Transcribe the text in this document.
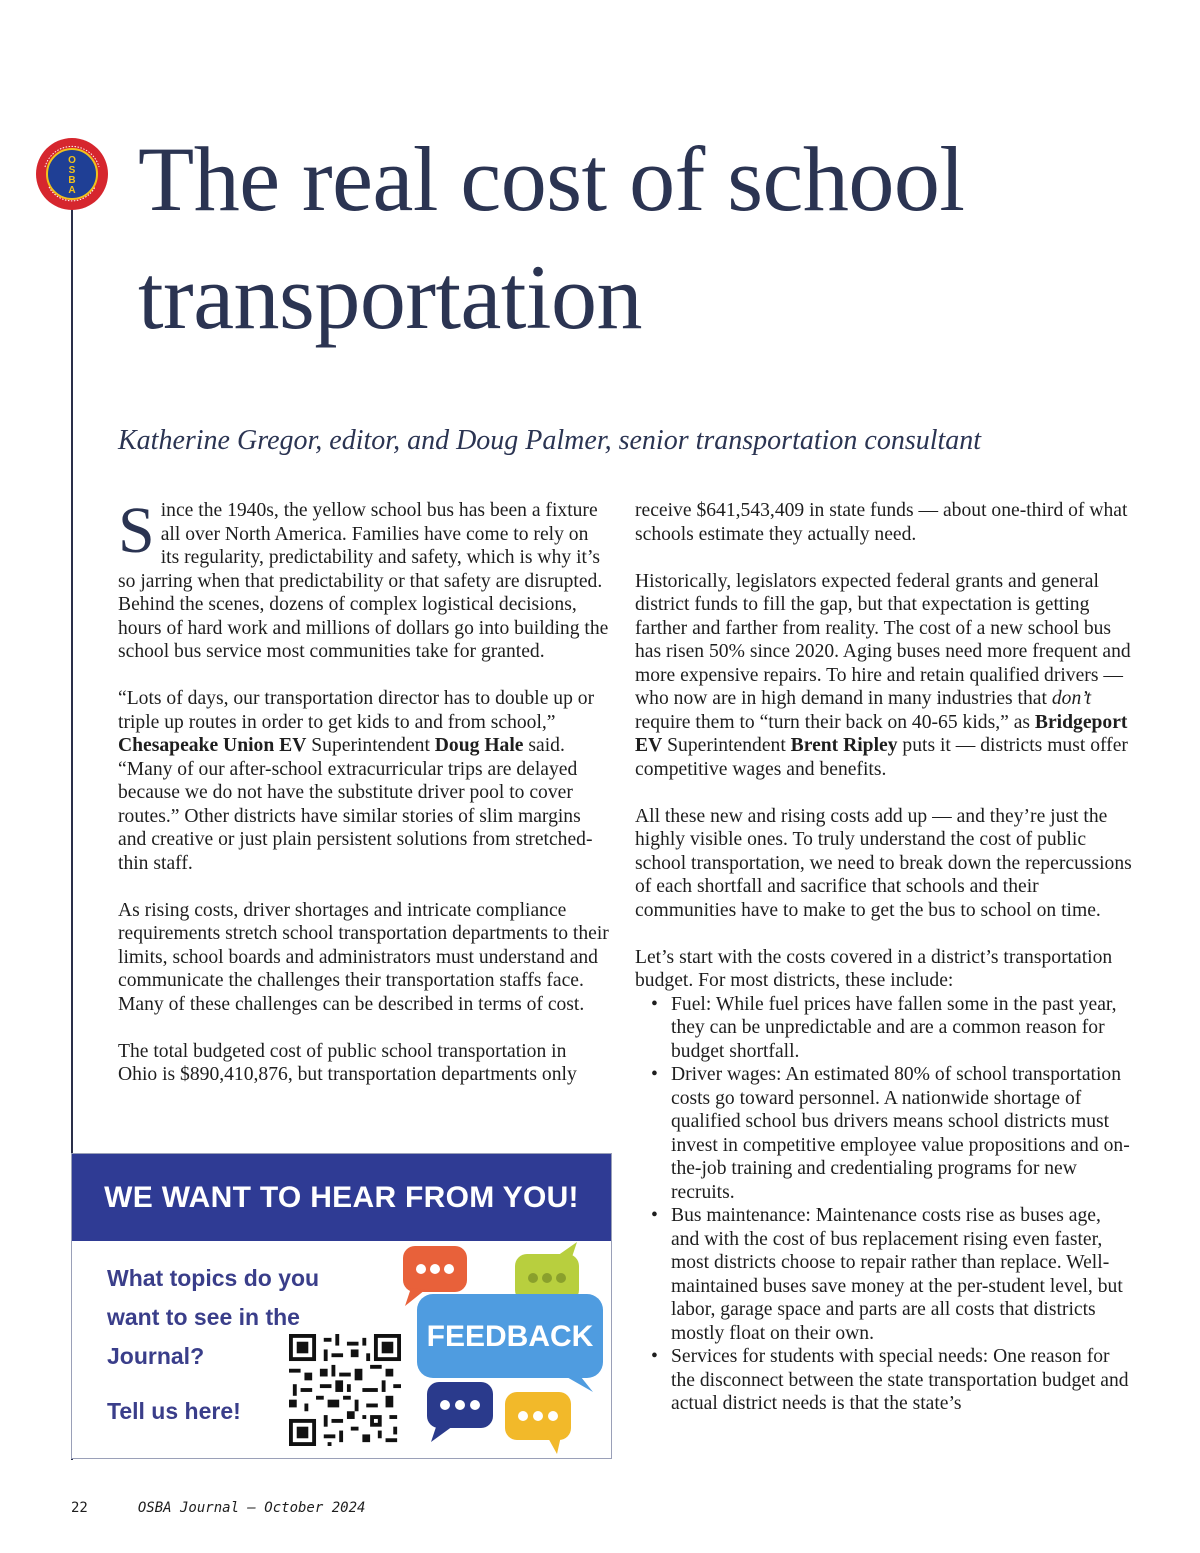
O
S
B
A The real cost of school transportation

Katherine Gregor, editor, and Doug Palmer, senior transportation consultant

Since the 1940s, the yellow school bus has been a fixture all over North America. Families have come to rely on its regularity, predictability and safety, which is why it’s so jarring when that predictability or that safety are disrupted. Behind the scenes, dozens of complex logistical decisions, hours of hard work and millions of dollars go into building the school bus service most communities take for granted.

“Lots of days, our transportation director has to double up or triple up routes in order to get kids to and from school,” Chesapeake Union EV Superintendent Doug Hale said. “Many of our after-school extracurricular trips are delayed because we do not have the substitute driver pool to cover routes.” Other districts have similar stories of slim margins and creative or just plain persistent solutions from stretched-thin staff.

As rising costs, driver shortages and intricate compliance requirements stretch school transportation departments to their limits, school boards and administrators must understand and communicate the challenges their transportation staffs face. Many of these challenges can be described in terms of cost.

The total budgeted cost of public school transportation in Ohio is $890,410,876, but transportation departments only

receive $641,543,409 in state funds — about one-third of what schools estimate they actually need.

Historically, legislators expected federal grants and general district funds to fill the gap, but that expectation is getting farther and farther from reality. The cost of a new school bus has risen 50% since 2020. Aging buses need more frequent and more expensive repairs. To hire and retain qualified drivers — who now are in high demand in many industries that don’t require them to “turn their back on 40-65 kids,” as Bridgeport EV Superintendent Brent Ripley puts it — districts must offer competitive wages and benefits.

All these new and rising costs add up — and they’re just the highly visible ones. To truly understand the cost of public school transportation, we need to break down the repercussions of each shortfall and sacrifice that schools and their communities have to make to get the bus to school on time.

Let’s start with the costs covered in a district’s transportation budget. For most districts, these include:
• Fuel: While fuel prices have fallen some in the past year, they can be unpredictable and are a common reason for budget shortfall.
• Driver wages: An estimated 80% of school transportation costs go toward personnel. A nationwide shortage of qualified school bus drivers means school districts must invest in competitive employee value propositions and on-the-job training and credentialing programs for new recruits.
• Bus maintenance: Maintenance costs rise as buses age, and with the cost of bus replacement rising even faster, most districts choose to repair rather than replace. Well-maintained buses save money at the per-student level, but labor, garage space and parts are all costs that districts mostly float on their own.
• Services for students with special needs: One reason for the disconnect between the state transportation budget and actual district needs is that the state’s
WE WANT TO HEAR FROM YOU!
What topics do you want to see in the Journal?
Tell us here!
FEEDBACK
22	OSBA Journal — October 2024
